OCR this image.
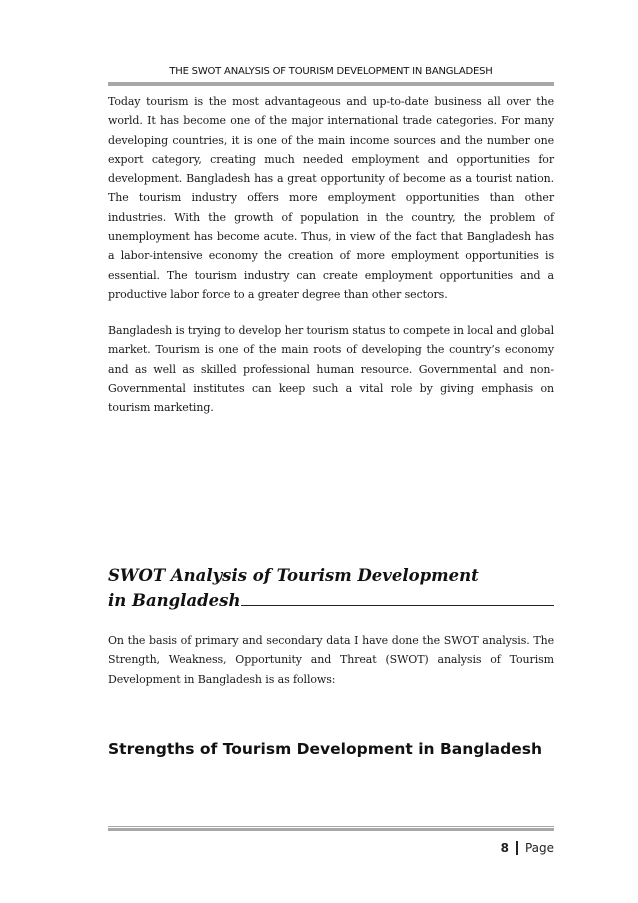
THE SWOT ANALYSIS OF TOURISM DEVELOPMENT IN BANGLADESH

Today tourism is the most advantageous and up-to-date business all over the world. It has become one of the major international trade categories. For many developing countries, it is one of the main income sources and the number one export category, creating much needed employment and opportunities for development. Bangladesh has a great opportunity of become as a tourist nation. The tourism industry offers more employment opportunities than other industries. With the growth of population in the country, the problem of unemployment has become acute. Thus, in view of the fact that Bangladesh has a labor-intensive economy the creation of more employment opportunities is essential. The tourism industry can create employment opportunities and a productive labor force to a greater degree than other sectors.

Bangladesh is trying to develop her tourism status to compete in local and global market. Tourism is one of the main roots of developing the country’s economy and as well as skilled professional human resource. Governmental and non-Governmental institutes can keep such a vital role by giving emphasis on tourism marketing.

SWOT Analysis of Tourism Development
in Bangladesh

On the basis of primary and secondary data I have done the SWOT analysis. The Strength, Weakness, Opportunity and Threat (SWOT) analysis of Tourism Development in Bangladesh is as follows:

Strengths of Tourism Development in Bangladesh
8 Page
